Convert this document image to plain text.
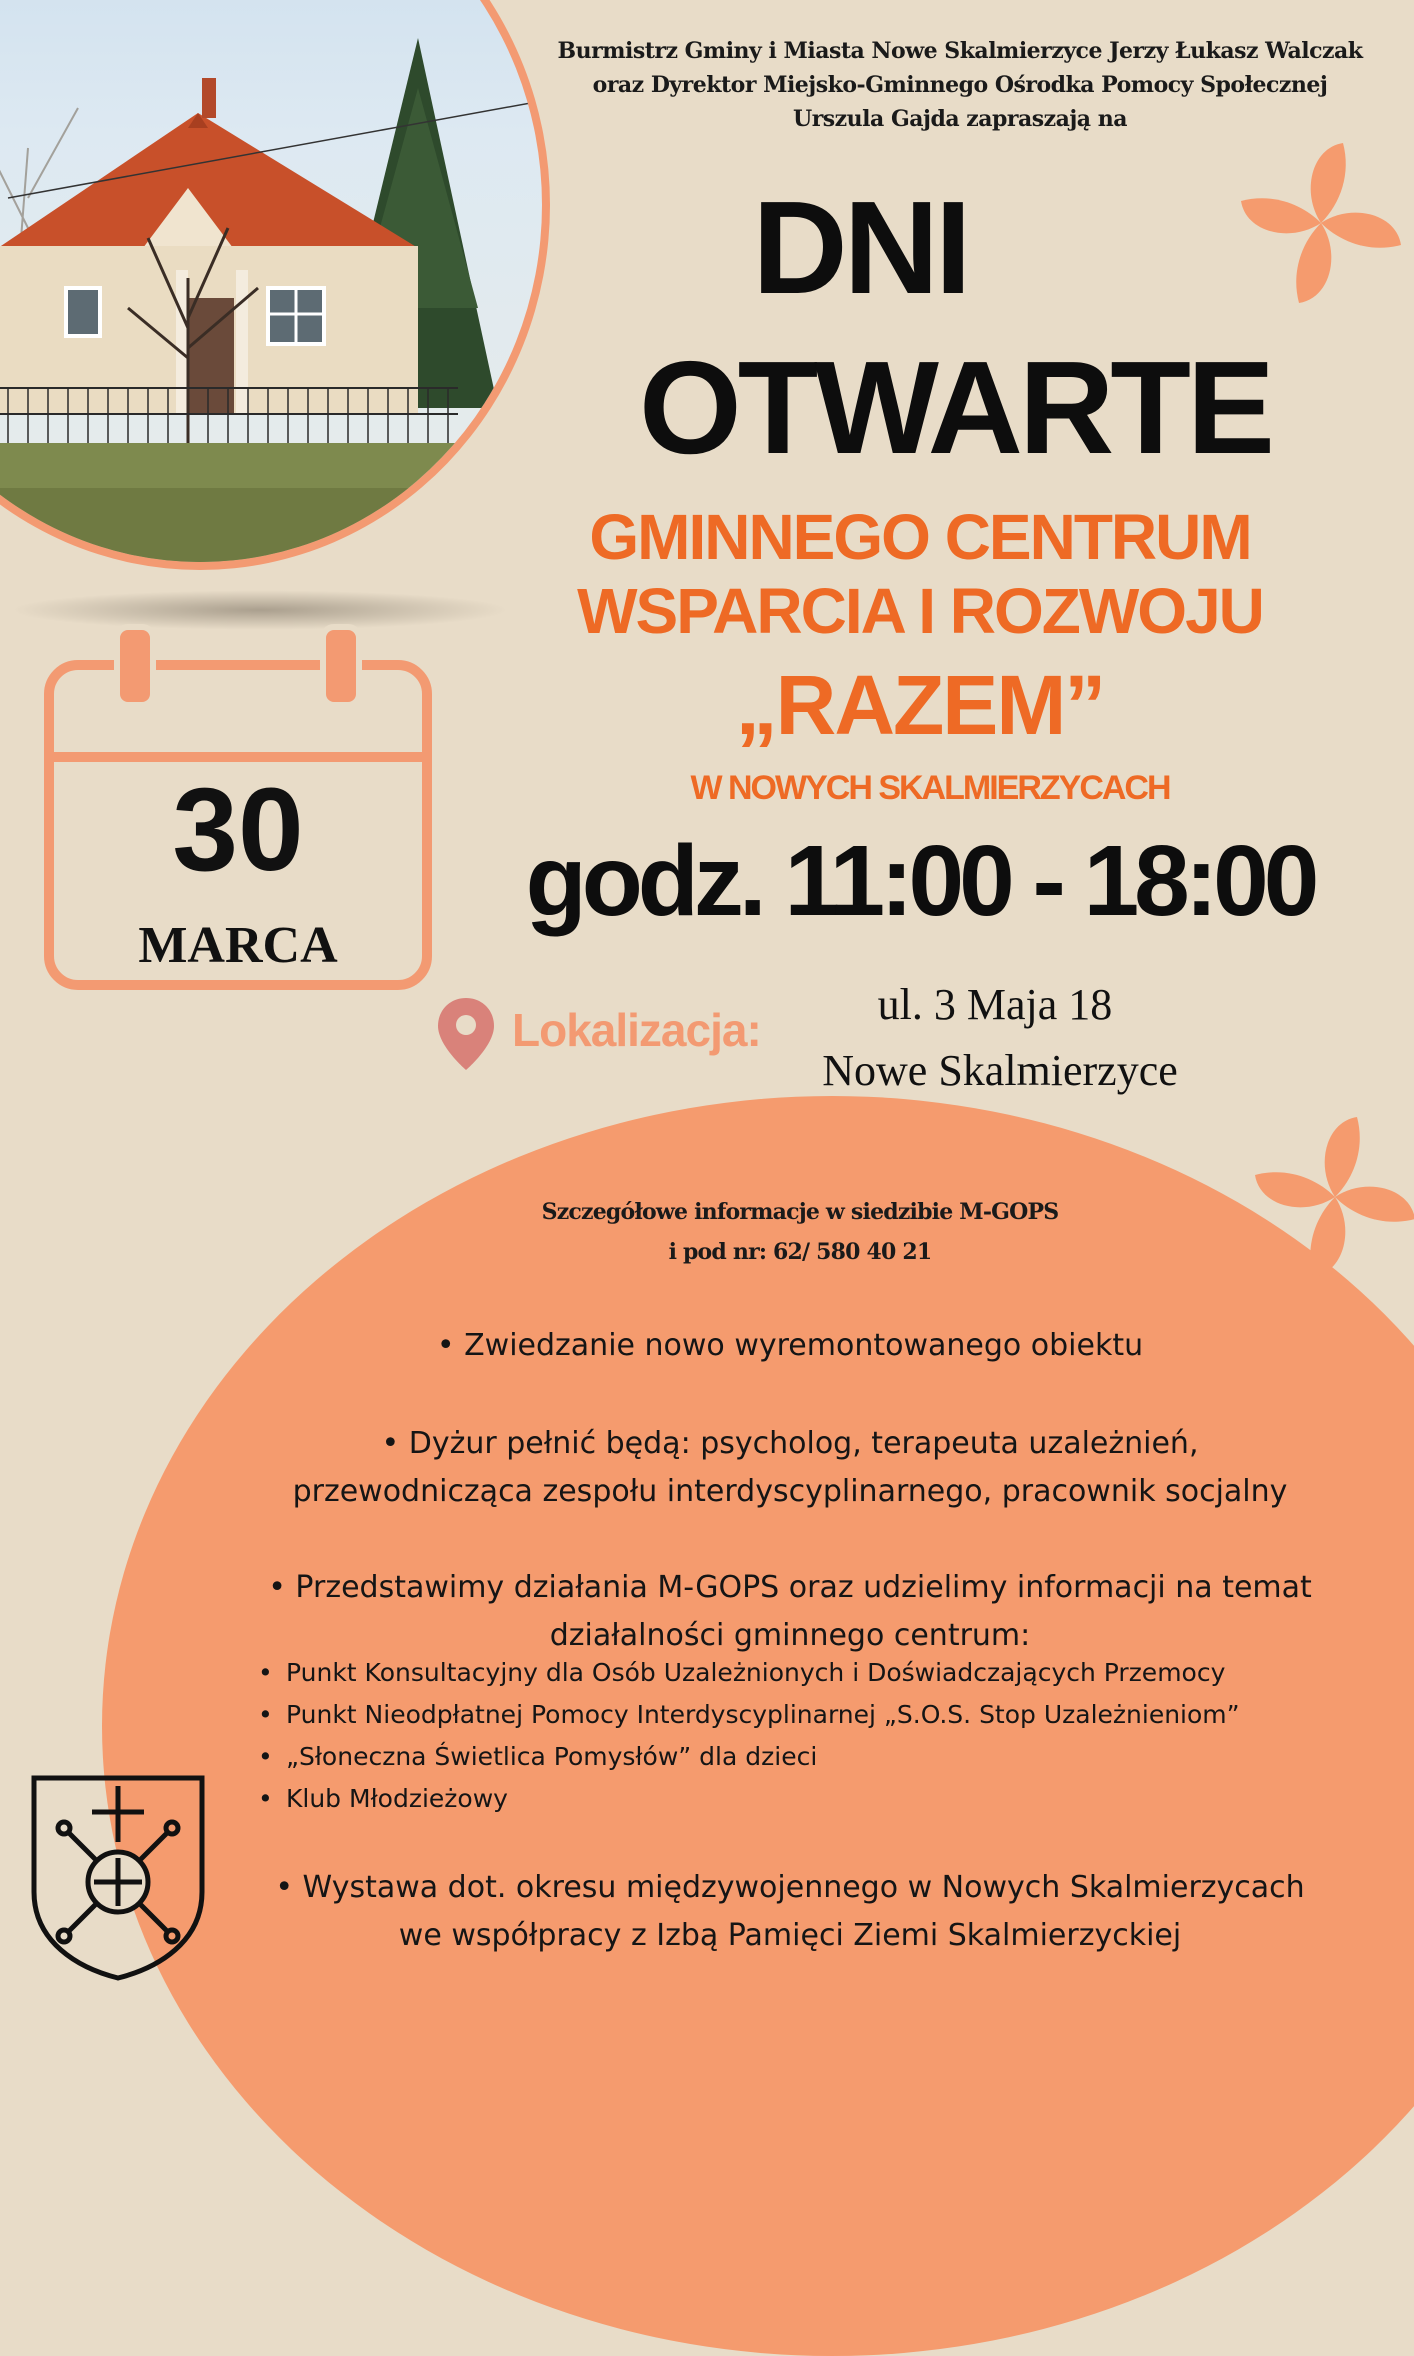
Burmistrz Gminy i Miasta Nowe Skalmierzyce Jerzy Łukasz Walczak
oraz Dyrektor Miejsko-Gminnego Ośrodka Pomocy Społecznej
Urszula Gajda zapraszają na
DNI
OTWARTE
GMINNEGO CENTRUM
WSPARCIA I ROZWOJU
„RAZEM”
W NOWYCH SKALMIERZYCACH
godz. 11:00 - 18:00
30
MARCA
Lokalizacja:	ul. 3 Maja 18
Nowe Skalmierzyce
Szczegółowe informacje w siedzibie M-GOPS
i pod nr: 62/ 580 40 21
• Zwiedzanie nowo wyremontowanego obiektu
• Dyżur pełnić będą: psycholog, terapeuta uzależnień,
przewodnicząca zespołu interdyscyplinarnego, pracownik socjalny
• Przedstawimy działania M-GOPS oraz udzielimy informacji na temat
działalności gminnego centrum:
• Punkt Konsultacyjny dla Osób Uzależnionych i Doświadczających Przemocy
• Punkt Nieodpłatnej Pomocy Interdyscyplinarnej „S.O.S. Stop Uzależnieniom”
• „Słoneczna Świetlica Pomysłów” dla dzieci
• Klub Młodzieżowy
• Wystawa dot. okresu międzywojennego w Nowych Skalmierzycach
we współpracy z Izbą Pamięci Ziemi Skalmierzyckiej
